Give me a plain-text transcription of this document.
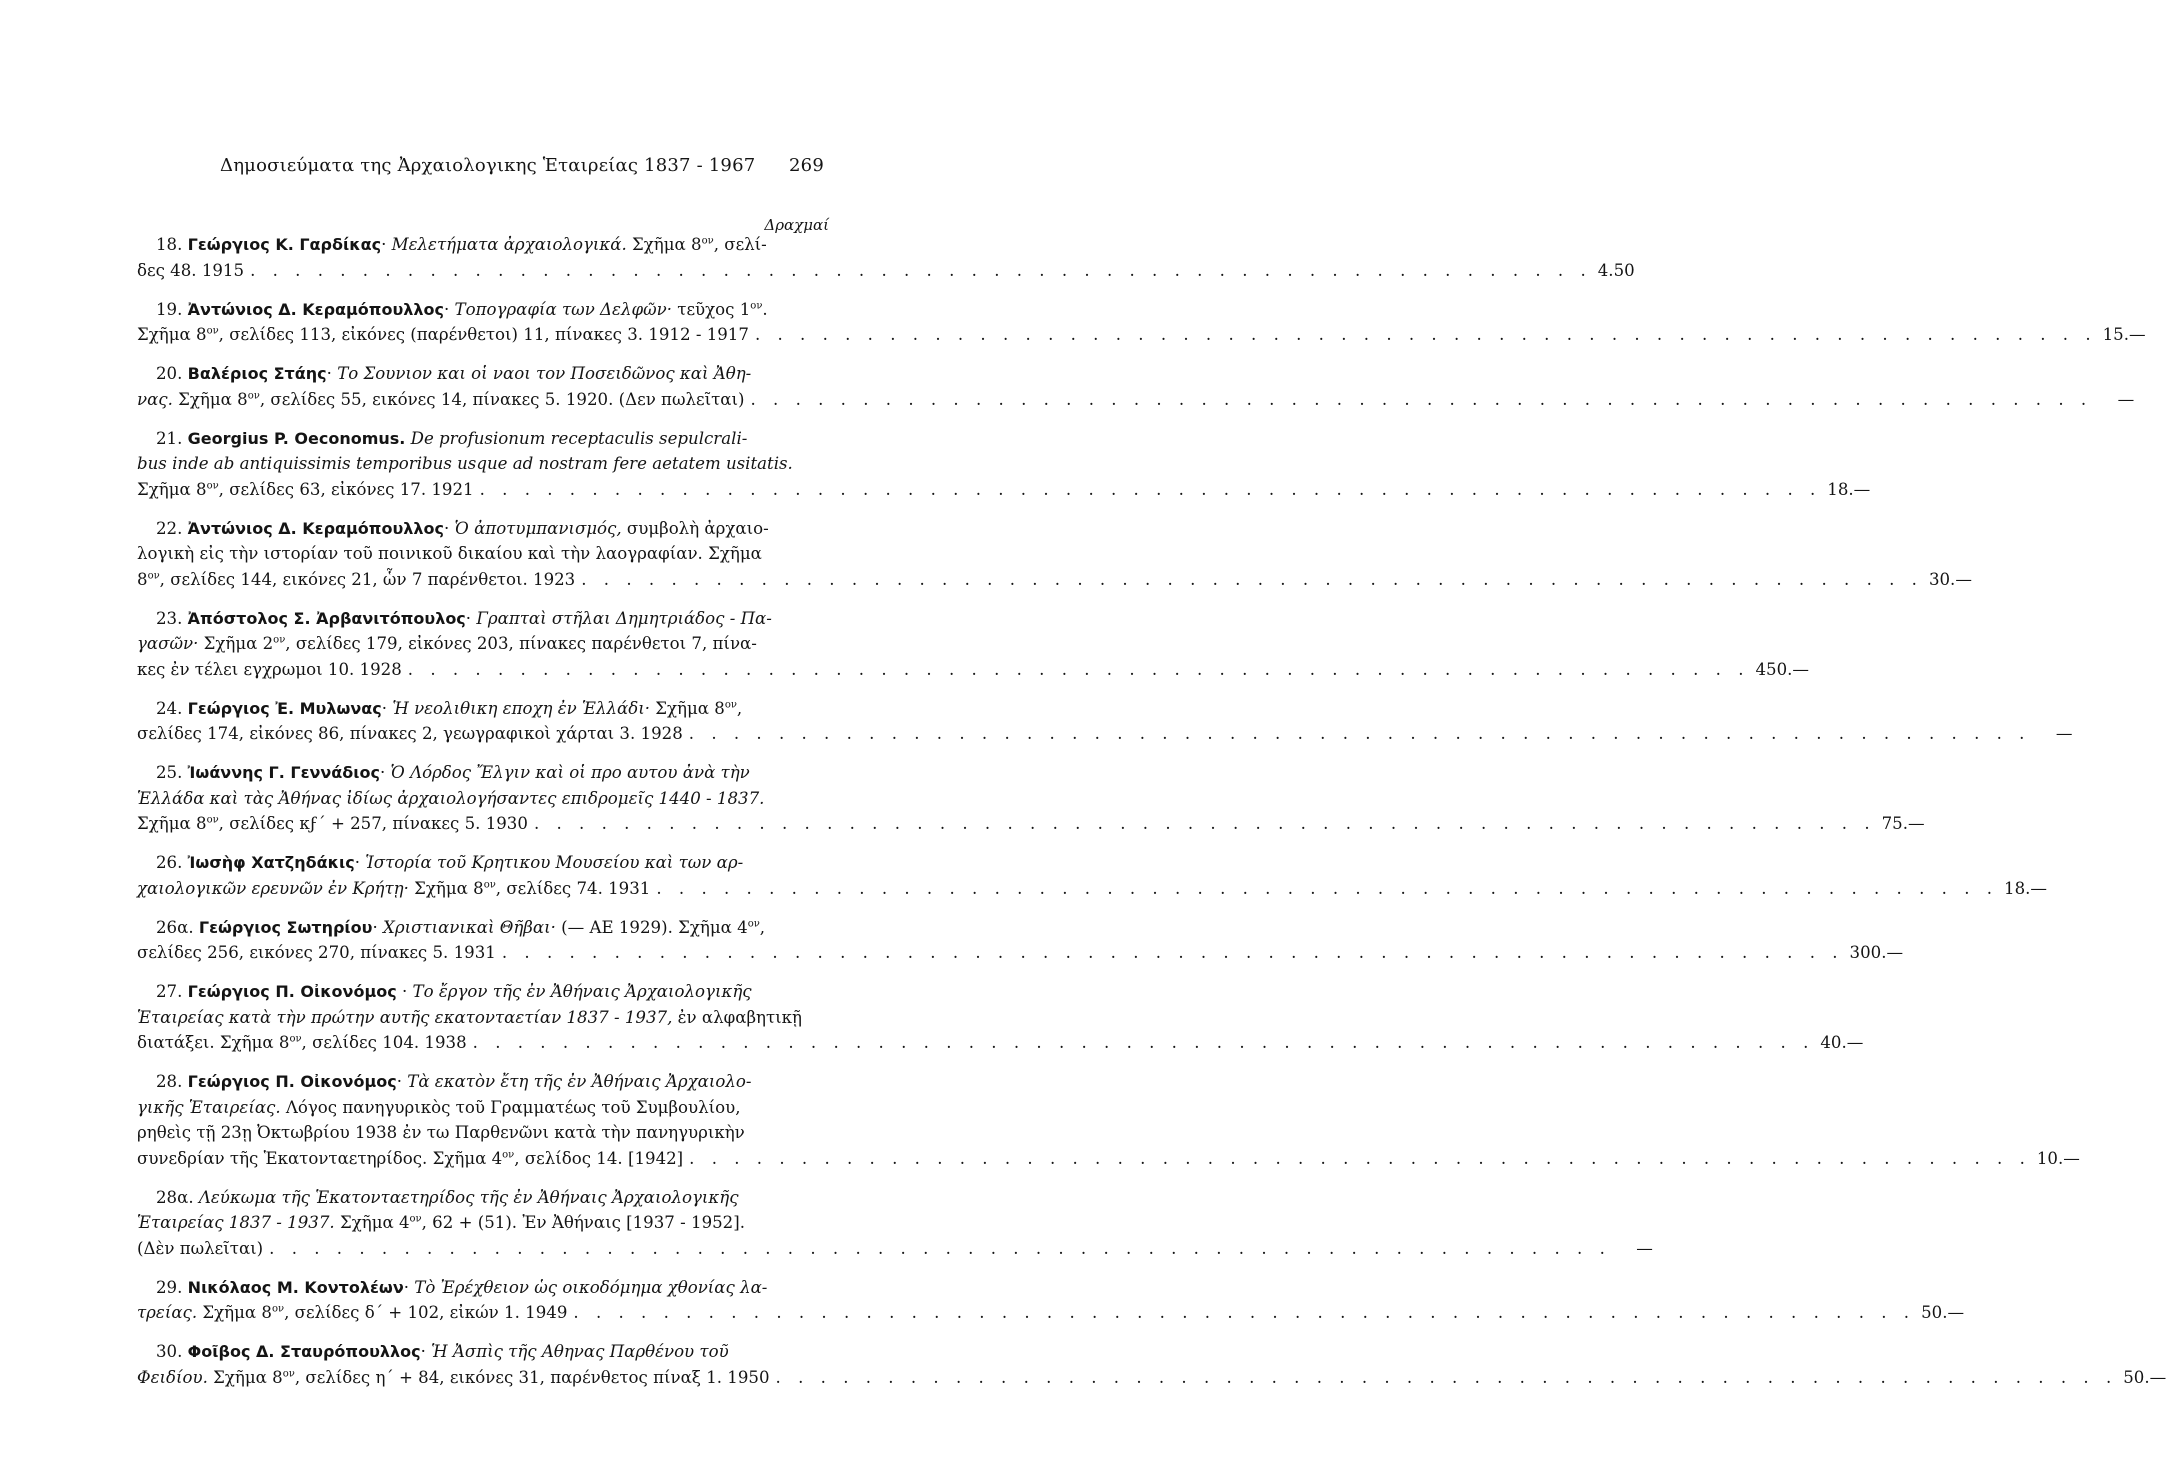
Δημοσιεύματα της Ἀρχαιολογικης Ἑταιρείας 1837 - 1967 269
Δραχμαί
18. Γεώργιος Κ. Γαρδίκας· Μελετήματα ἀρχαιολογικά. Σχῆμα $8^{o\nu}$, σελί-
δες 48. 1915 . . . . . . . . . . . . . . . . . . . . . . . . . . . . . . . . . . . . . . . . . . . . . . . . . . . . . . . . . . . . 4.50
19. Ἀντώνιος Δ. Κεραμόπουλλος· Τοπογραφία των Δελφῶν· τεῦχος $1^{o\nu}$.
Σχῆμα $8^{o\nu}$, σελίδες 113, εἰκόνες (παρένθετοι) 11, πίνακες 3. 1912 - 1917 . . . . . . . . . . . . . . . . . . . . . . . . . . . . . . . . . . . . . . . . . . . . . . . . . . . . . . . . . . . . 15.—
20. Βαλέριος Στάης· Το Σουνιον και οἱ ναοι τον Ποσειδῶνος καὶ Ἀθη-
νας. Σχῆμα $8^{o\nu}$, σελίδες 55, εικόνες 14, πίνακες 5. 1920. (Δεν πωλεῖται) . . . . . . . . . . . . . . . . . . . . . . . . . . . . . . . . . . . . . . . . . . . . . . . . . . . . . . . . . . . .	—
21. Georgius P. Oeconomus. De profusionum receptaculis sepulcrali-
bus inde ab antiquissimis temporibus usque ad nostram fere aetatem usitatis.
Σχῆμα $8^{o\nu}$, σελίδες 63, εἰκόνες 17. 1921 . . . . . . . . . . . . . . . . . . . . . . . . . . . . . . . . . . . . . . . . . . . . . . . . . . . . . . . . . . . . 18.—
22. Ἀντώνιος Δ. Κεραμόπουλλος· Ὁ ἀποτυμπανισμός, συμβολὴ ἀρχαιο-
λογικὴ εἰς τὴν ιστορίαν τοῦ ποινικοῦ δικαίου καὶ τὴν λαογραφίαν. Σχῆμα
$8^{o\nu}$, σελίδες 144, εικόνες 21, ὧν 7 παρένθετοι. 1923 . . . . . . . . . . . . . . . . . . . . . . . . . . . . . . . . . . . . . . . . . . . . . . . . . . . . . . . . . . . . 30.—
23. Ἀπόστολος Σ. Ἀρβανιτόπουλος· Γραπταὶ στῆλαι Δημητριάδος - Πα-
γασῶν· Σχῆμα $2^{o\nu}$, σελίδες 179, εἰκόνες 203, πίνακες παρένθετοι 7, πίνα-
κες ἐν τέλει εγχρωμοι 10. 1928 . . . . . . . . . . . . . . . . . . . . . . . . . . . . . . . . . . . . . . . . . . . . . . . . . . . . . . . . . . . . 450.—
24. Γεώργιος Ἐ. Μυλωνας· Ἡ νεολιθικη εποχη ἐν Ἑλλάδι· Σχῆμα $8^{o\nu}$,
σελίδες 174, εἰκόνες 86, πίνακες 2, γεωγραφικοὶ χάρται 3. 1928 . . . . . . . . . . . . . . . . . . . . . . . . . . . . . . . . . . . . . . . . . . . . . . . . . . . . . . . . . . . .	—
25. Ἰωάννης Γ. Γεννάδιος· Ὁ Λόρδος Ἔλγιν καὶ οἱ προ αυτου ἀνὰ τὴν
Ἑλλάδα καὶ τὰς Ἀθήνας ἰδίως ἀρχαιολογήσαντες επιδρομεῖς 1440 - 1837.
Σχῆμα $8^{o\nu}$, σελίδες κϝ΄ + 257, πίνακες 5. 1930 . . . . . . . . . . . . . . . . . . . . . . . . . . . . . . . . . . . . . . . . . . . . . . . . . . . . . . . . . . . . 75.—
26. Ἰωσὴφ Χατζηδάκις· Ἱστορία τοῦ Κρητικου Μουσείου καὶ των αρ-
χαιολογικῶν ερευνῶν ἐν Κρήτῃ· Σχῆμα $8^{o\nu}$, σελίδες 74. 1931 . . . . . . . . . . . . . . . . . . . . . . . . . . . . . . . . . . . . . . . . . . . . . . . . . . . . . . . . . . . . 18.—
26α. Γεώργιος Σωτηρίου· Χριστιανικαὶ Θῆβαι· (— ΑΕ 1929). Σχῆμα $4^{o\nu}$,
σελίδες 256, εικόνες 270, πίνακες 5. 1931 . . . . . . . . . . . . . . . . . . . . . . . . . . . . . . . . . . . . . . . . . . . . . . . . . . . . . . . . . . . . 300.—
27. Γεώργιος Π. Οἰκονόμος · Το ἔργον τῆς ἐν Ἀθήναις Ἀρχαιολογικῆς
Ἑταιρείας κατὰ τὴν πρώτην αυτῆς εκατονταετίαν 1837 - 1937, ἐν αλφαβητικῇ
διατάξει. Σχῆμα $8^{o\nu}$, σελίδες 104. 1938 . . . . . . . . . . . . . . . . . . . . . . . . . . . . . . . . . . . . . . . . . . . . . . . . . . . . . . . . . . . . 40.—
28. Γεώργιος Π. Οἰκονόμος· Τὰ εκατὸν ἔτη τῆς ἐν Ἀθήναις Ἀρχαιολο-
γικῆς Ἑταιρείας. Λόγος πανηγυρικὸς τοῦ Γραμματέως τοῦ Συμβουλίου,
ρηθεὶς τῇ 23ῃ Ὀκτωβρίου 1938 ἐν τω Παρθενῶνι κατὰ τὴν πανηγυρικὴν
συνεδρίαν τῆς Ἑκατονταετηρίδος. Σχῆμα $4^{o\nu}$, σελίδος 14. [1942] . . . . . . . . . . . . . . . . . . . . . . . . . . . . . . . . . . . . . . . . . . . . . . . . . . . . . . . . . . . . 10.—
28α. Λεύκωμα τῆς Ἑκατονταετηρίδος τῆς ἐν Ἀθήναις Ἀρχαιολογικῆς
Ἑταιρείας 1837 - 1937. Σχῆμα $4^{o\nu}$, 62 + (51). Ἐν Ἀθήναις [1937 - 1952].
(Δὲν πωλεῖται) . . . . . . . . . . . . . . . . . . . . . . . . . . . . . . . . . . . . . . . . . . . . . . . . . . . . . . . . . . . .	—
29. Νικόλαος Μ. Κοντολέων· Τὸ Ἐρέχθειον ὡς οικοδόμημα χθονίας λα-
τρείας. Σχῆμα $8^{o\nu}$, σελίδες δ΄ + 102, εἰκών 1. 1949 . . . . . . . . . . . . . . . . . . . . . . . . . . . . . . . . . . . . . . . . . . . . . . . . . . . . . . . . . . . . 50.—
30. Φοῖβος Δ. Σταυρόπουλλος· Ἡ Ἀσπὶς τῆς Αθηνας Παρθένου τοῦ
Φειδίου. Σχῆμα $8^{o\nu}$, σελίδες η΄ + 84, εικόνες 31, παρένθετος πίναξ 1. 1950 . . . . . . . . . . . . . . . . . . . . . . . . . . . . . . . . . . . . . . . . . . . . . . . . . . . . . . . . . . . . 50.—
